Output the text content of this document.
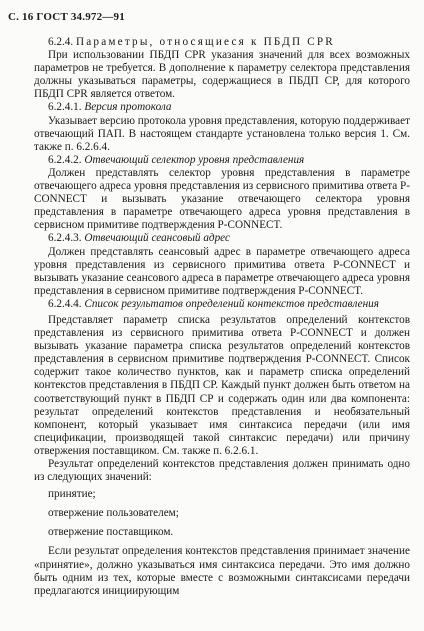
С. 16 ГОСТ 34.972—91

6.2.4. Параметры, относящиеся к ПБДП CPR

При использовании ПБДП CPR указания значений для всех возможных параметров не требуется. В дополнение к параметру селектора представления должны указываться параметры, содержащиеся в ПБДП СР, для которого ПБДП CPR является ответом.

6.2.4.1. Версия протокола

Указывает версию протокола уровня представления, которую поддерживает отвечающий ПАП. В настоящем стандарте установлена только версия 1. См. также п. 6.2.6.4.

6.2.4.2. Отвечающий селектор уровня представления

Должен представлять селектор уровня представления в параметре отвечающего адреса уровня представления из сервисного примитива ответа P-CONNECT и вызывать указание отвечающего селектора уровня представления в параметре отвечающего адреса уровня представления в сервисном примитиве подтверждения P-CONNECT.

6.2.4.3. Отвечающий сеансовый адрес

Должен представлять сеансовый адрес в параметре отвечающего адреса уровня представления из сервисного примитива ответа P-CONNECT и вызывать указание сеансового адреса в параметре отвечающего адреса уровня представления в сервисном примитиве подтверждения P-CONNECT.

6.2.4.4. Список результатов определений контекстов представления

Представляет параметр списка результатов определений контекстов представления из сервисного примитива ответа P-CONNECT и должен вызывать указание параметра списка результатов определений контекстов представления в сервисном примитиве подтверждения P-CONNECT. Список содержит такое количество пунктов, как и параметр списка определений контекстов представления в ПБДП СР. Каждый пункт должен быть ответом на соответствующий пункт в ПБДП СР и содержать один или два компонента: результат определений контекстов представления и необязательный компонент, который указывает имя синтаксиса передачи (или имя спецификации, производящей такой синтаксис передачи) или причину отвержения поставщиком. См. также п. 6.2.6.1.

Результат определений контекстов представления должен принимать одно из следующих значений:

принятие;

отвержение пользователем;

отвержение поставщиком.

Если результат определения контекстов представления принимает значение «принятие», должно указываться имя синтаксиса передачи. Это имя должно быть одним из тех, которые вместе с возможными синтаксисами передачи предлагаются инициирующим
